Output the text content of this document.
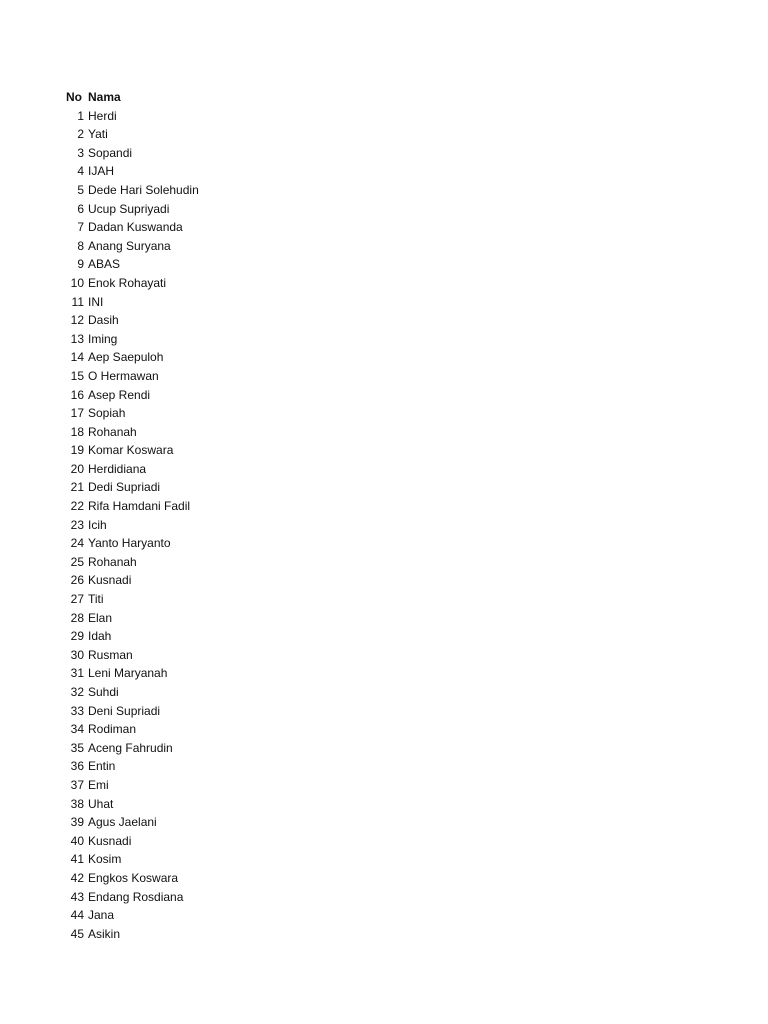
No Nama
1 Herdi
2 Yati
3 Sopandi
4 IJAH
5 Dede Hari Solehudin
6 Ucup Supriyadi
7 Dadan Kuswanda
8 Anang Suryana
9 ABAS
10 Enok Rohayati
11 INI
12 Dasih
13 Iming
14 Aep Saepuloh
15 O Hermawan
16 Asep Rendi
17 Sopiah
18 Rohanah
19 Komar Koswara
20 Herdidiana
21 Dedi Supriadi
22 Rifa Hamdani Fadil
23 Icih
24 Yanto Haryanto
25 Rohanah
26 Kusnadi
27 Titi
28 Elan
29 Idah
30 Rusman
31 Leni Maryanah
32 Suhdi
33 Deni Supriadi
34 Rodiman
35 Aceng Fahrudin
36 Entin
37 Emi
38 Uhat
39 Agus Jaelani
40 Kusnadi
41 Kosim
42 Engkos Koswara
43 Endang Rosdiana
44 Jana
45 Asikin
